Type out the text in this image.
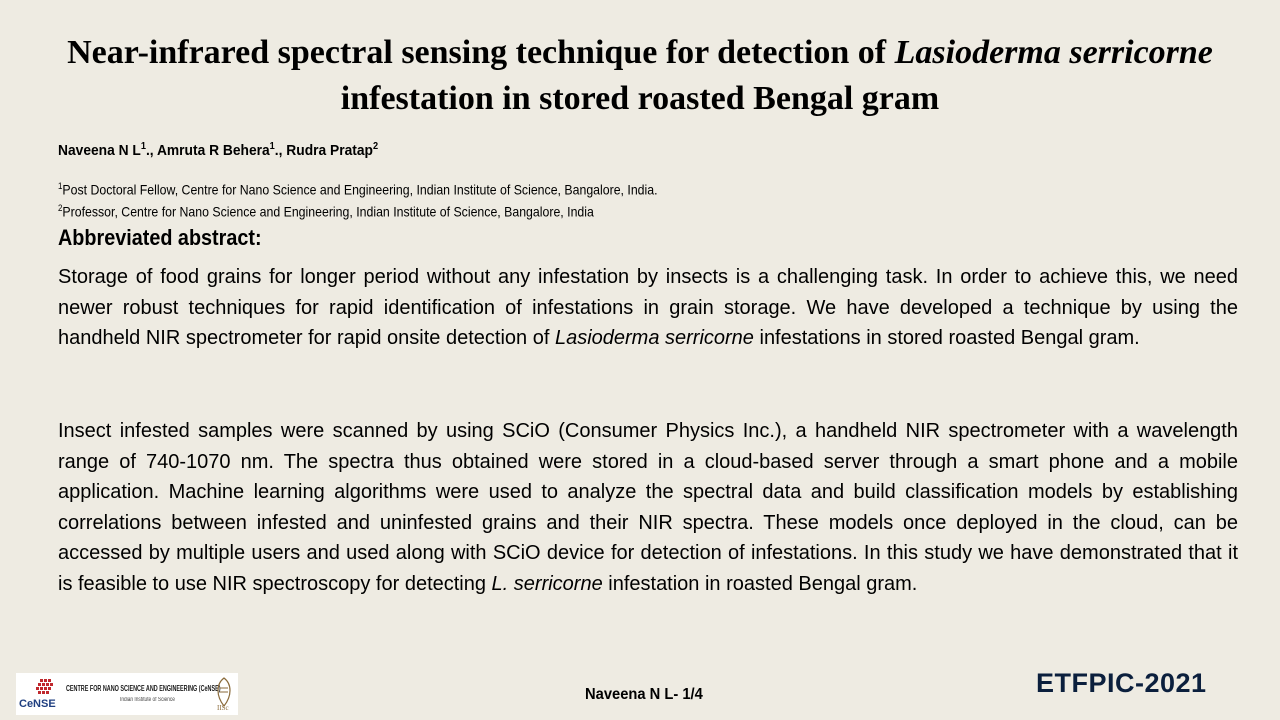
Near-infrared spectral sensing technique for detection of Lasioderma serricorne infestation in stored roasted Bengal gram
Naveena N $L^1$., Amruta R Behera$^1$., Rudra Pratap$^2$
$^1$Post Doctoral Fellow, Centre for Nano Science and Engineering, Indian Institute of Science, Bangalore, India.
$^2$Professor, Centre for Nano Science and Engineering, Indian Institute of Science, Bangalore, India
Abbreviated abstract:

Storage of food grains for longer period without any infestation by insects is a challenging task. In order to achieve this, we need newer robust techniques for rapid identification of infestations in grain storage. We have developed a technique by using the handheld NIR spectrometer for rapid onsite detection of Lasioderma serricorne infestations in stored roasted Bengal gram.

Insect infested samples were scanned by using SCiO (Consumer Physics Inc.), a handheld NIR spectrometer with a wavelength range of 740-1070 nm. The spectra thus obtained were stored in a cloud-based server through a smart phone and a mobile application. Machine learning algorithms were used to analyze the spectral data and build classification models by establishing correlations between infested and uninfested grains and their NIR spectra. These models once deployed in the cloud, can be accessed by multiple users and used along with SCiO device for detection of infestations. In this study we have demonstrated that it is feasible to use NIR spectroscopy for detecting L. serricorne infestation in roasted Bengal gram.

CeNSE
CENTRE FOR NANO SCIENCE AND ENGINEERING (CeNSE)
Indian Institute of Science
IISc
Naveena N L- 1/4	ETFPIC-2021
